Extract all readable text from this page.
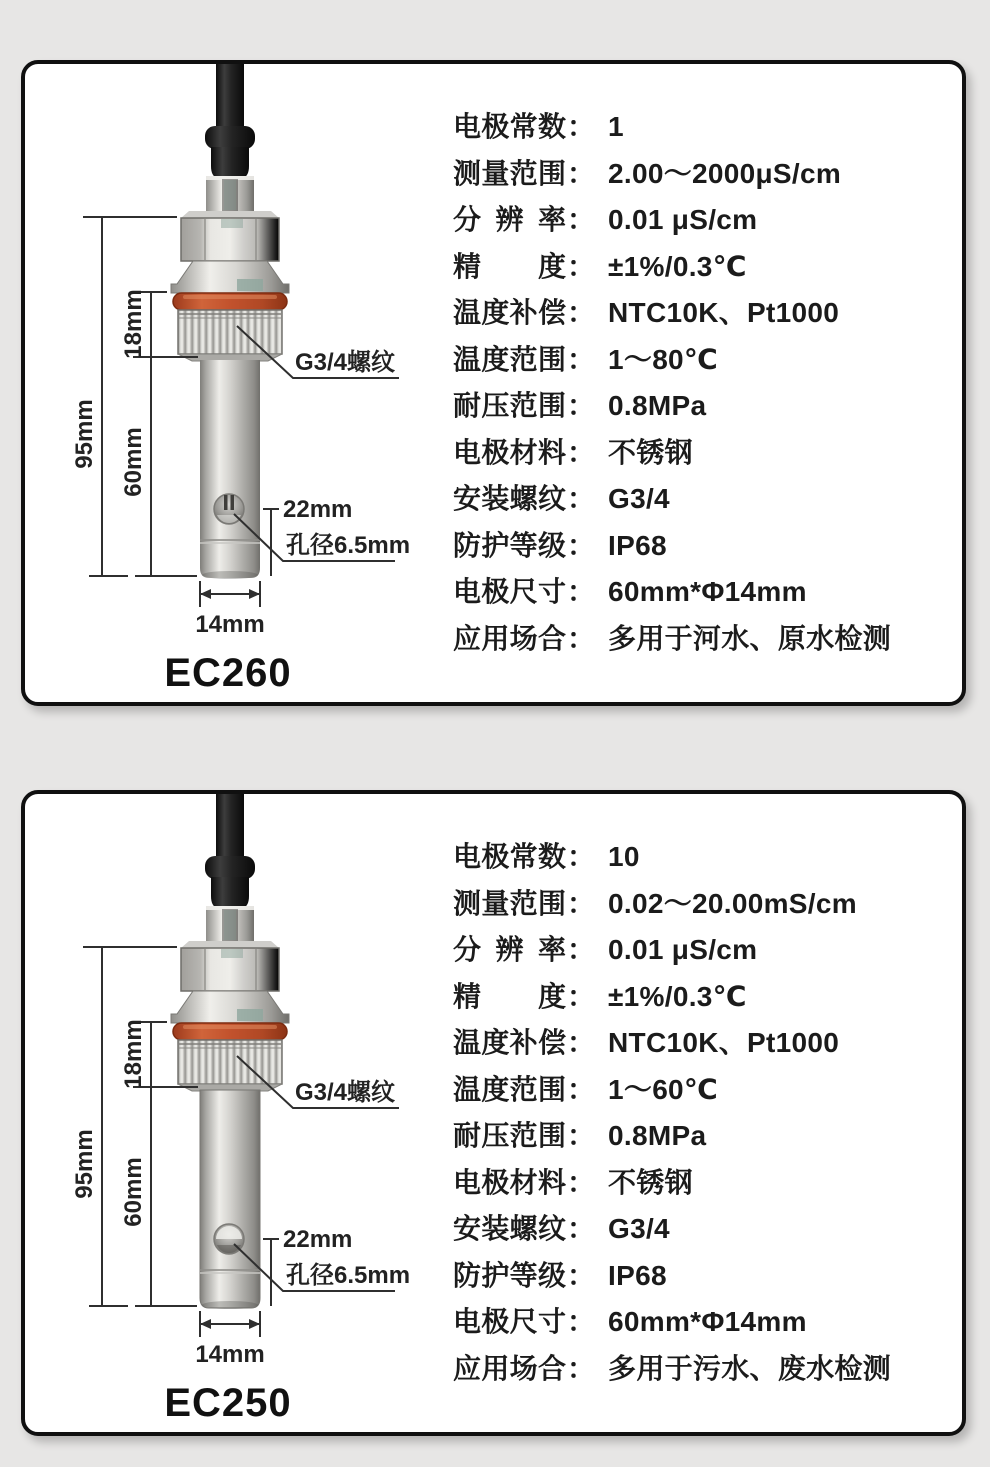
95mm
18mm
60mm
22mm
孔径6.5mm
G3/4螺纹
14mm
EC260
电极常数 ： 1
测量范围 ： 2.00～2000μS/cm
分辨率 ： 0.01 μS/cm
精度 ： ±1%/0.3℃
温度补偿 ： NTC10K、Pt1000
温度范围 ： 1～80℃
耐压范围 ： 0.8MPa
电极材料 ： 不锈钢
安装螺纹 ： G3/4
防护等级 ： IP68
电极尺寸 ： 60mm*Φ14mm
应用场合 ： 多用于河水、原水检测
95mm
18mm
60mm
22mm
孔径6.5mm
G3/4螺纹
14mm
EC250
电极常数 ： 10
测量范围 ： 0.02～20.00mS/cm
分辨率 ： 0.01 μS/cm
精度 ： ±1%/0.3℃
温度补偿 ： NTC10K、Pt1000
温度范围 ： 1～60℃
耐压范围 ： 0.8MPa
电极材料 ： 不锈钢
安装螺纹 ： G3/4
防护等级 ： IP68
电极尺寸 ： 60mm*Φ14mm
应用场合 ： 多用于污水、废水检测
